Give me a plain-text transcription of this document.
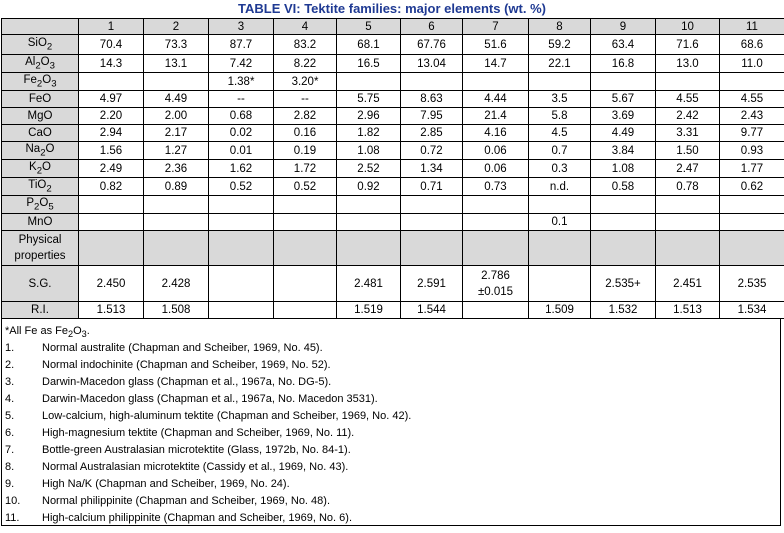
TABLE VI: Tektite families: major elements (wt. %)
	1	2	3	4	5	6	7	8	9	10	11
SiO$_2$	70.4	73.3	87.7	83.2	68.1	67.76	51.6	59.2	63.4	71.6	68.6
$Al_2O_3$	14.3	13.1	7.42	8.22	16.5	13.04	14.7	22.1	16.8	13.0	11.0
$Fe_2O_3$			1.38*	3.20*							
FeO	4.97	4.49	--	--	5.75	8.63	4.44	3.5	5.67	4.55	4.55
MgO	2.20	2.00	0.68	2.82	2.96	7.95	21.4	5.8	3.69	2.42	2.43
CaO	2.94	2.17	0.02	0.16	1.82	2.85	4.16	4.5	4.49	3.31	9.77
$Na_2O$	1.56	1.27	0.01	0.19	1.08	0.72	0.06	0.7	3.84	1.50	0.93
$K_2O$	2.49	2.36	1.62	1.72	2.52	1.34	0.06	0.3	1.08	2.47	1.77
TiO$_2$	0.82	0.89	0.52	0.52	0.92	0.71	0.73	n.d.	0.58	0.78	0.62
$P_2O_5$											
MnO								0.1			
Physical properties											
S.G.	2.450	2.428			2.481	2.591	2.786 ±0.015		2.535+	2.451	2.535
R.I.	1.513	1.508			1.519	1.544		1.509	1.532	1.513	1.534
*All Fe as $Fe_2O_3$.
1.	Normal australite (Chapman and Scheiber, 1969, No. 45).
2.	Normal indochinite (Chapman and Scheiber, 1969, No. 52).
3.	Darwin-Macedon glass (Chapman et al., 1967a, No. DG-5).
4.	Darwin-Macedon glass (Chapman et al., 1967a, No. Macedon 3531).
5.	Low-calcium, high-aluminum tektite (Chapman and Scheiber, 1969, No. 42).
6.	High-magnesium tektite (Chapman and Scheiber, 1969, No. 11).
7.	Bottle-green Australasian microtektite (Glass, 1972b, No. 84-1).
8.	Normal Australasian microtektite (Cassidy et al., 1969, No. 43).
9.	High Na/K (Chapman and Scheiber, 1969, No. 24).
10. Normal philippinite (Chapman and Scheiber, 1969, No. 48).
11. High-calcium philippinite (Chapman and Scheiber, 1969, No. 6).
